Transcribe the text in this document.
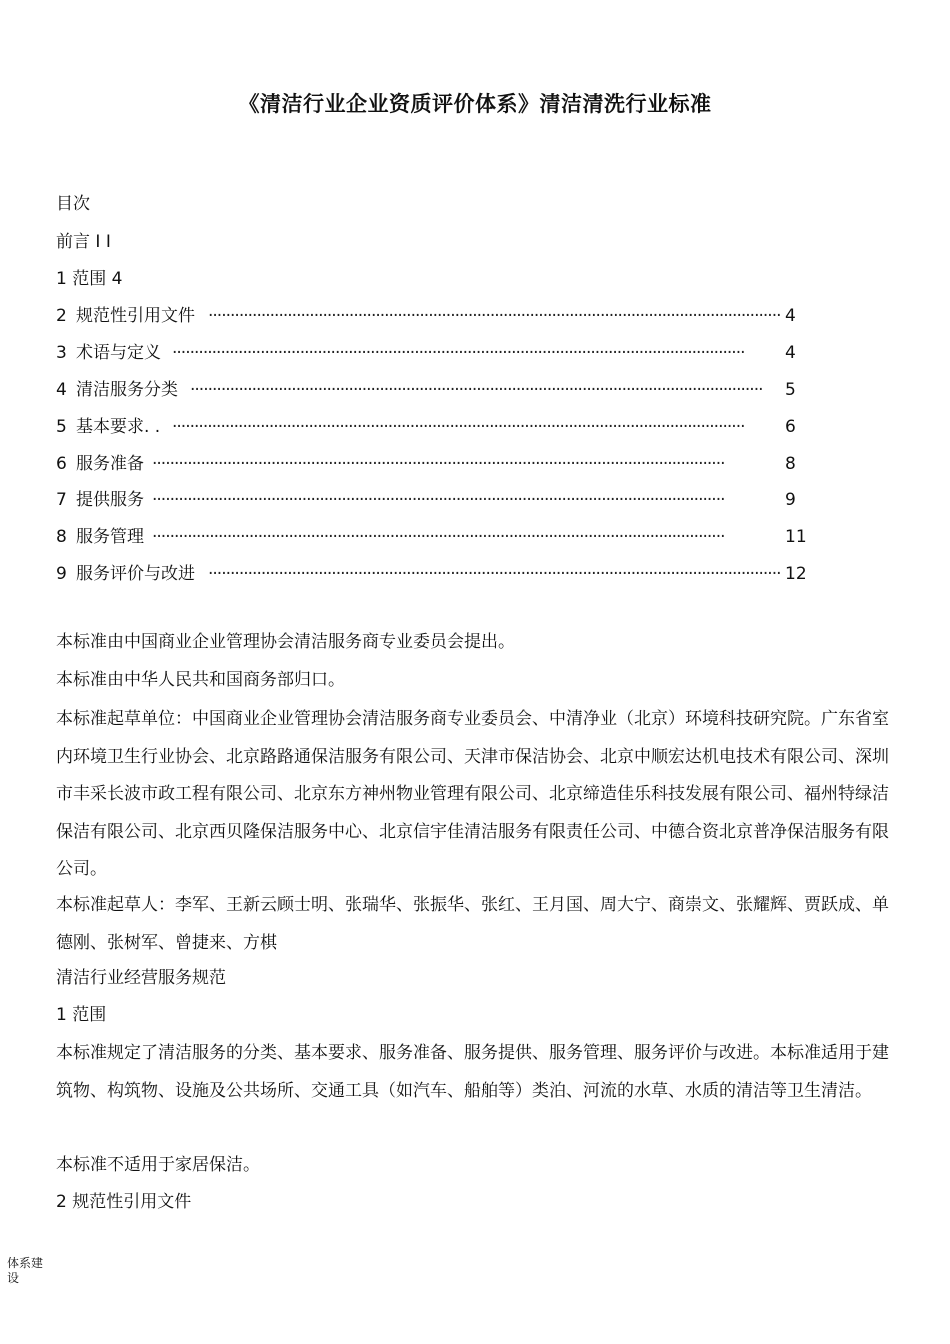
《清洁行业企业资质评价体系》清洁清洗行业标准
目次
前言 I I
1 范围 4
2 规范性引用文件 ·································································································································· 4
3 术语与定义 ··································································································································	4
4 清洁服务分类 ··································································································································	5
5 基本要求. . ··································································································································	6
6 服务准备 ··································································································································	8
7 提供服务 ··································································································································	9
8 服务管理 ··································································································································	11
9 服务评价与改进 ·································································································································· 12
本标准由中国商业企业管理协会清洁服务商专业委员会提出。
本标准由中华人民共和国商务部归口。
本标准起草单位：中国商业企业管理协会清洁服务商专业委员会、中清净业（北京）环境科技研究院。广东省室内环境卫生行业协会、北京路路通保洁服务有限公司、天津市保洁协会、北京中顺宏达机电技术有限公司、深圳市丰采长波市政工程有限公司、北京东方神州物业管理有限公司、北京缔造佳乐科技发展有限公司、福州特绿洁保洁有限公司、北京西贝隆保洁服务中心、北京信宇佳清洁服务有限责任公司、中德合资北京普净保洁服务有限公司。
本标准起草人：李军、王新云顾士明、张瑞华、张振华、张红、王月国、周大宁、商崇文、张耀辉、贾跃成、单德刚、张树军、曾捷来、方棋
清洁行业经营服务规范
1 范围
本标准规定了清洁服务的分类、基本要求、服务准备、服务提供、服务管理、服务评价与改进。本标准适用于建筑物、构筑物、设施及公共场所、交通工具（如汽车、船舶等）类泊、河流的水草、水质的清洁等卫生清洁。
本标准不适用于家居保洁。
2 规范性引用文件
体系建设
